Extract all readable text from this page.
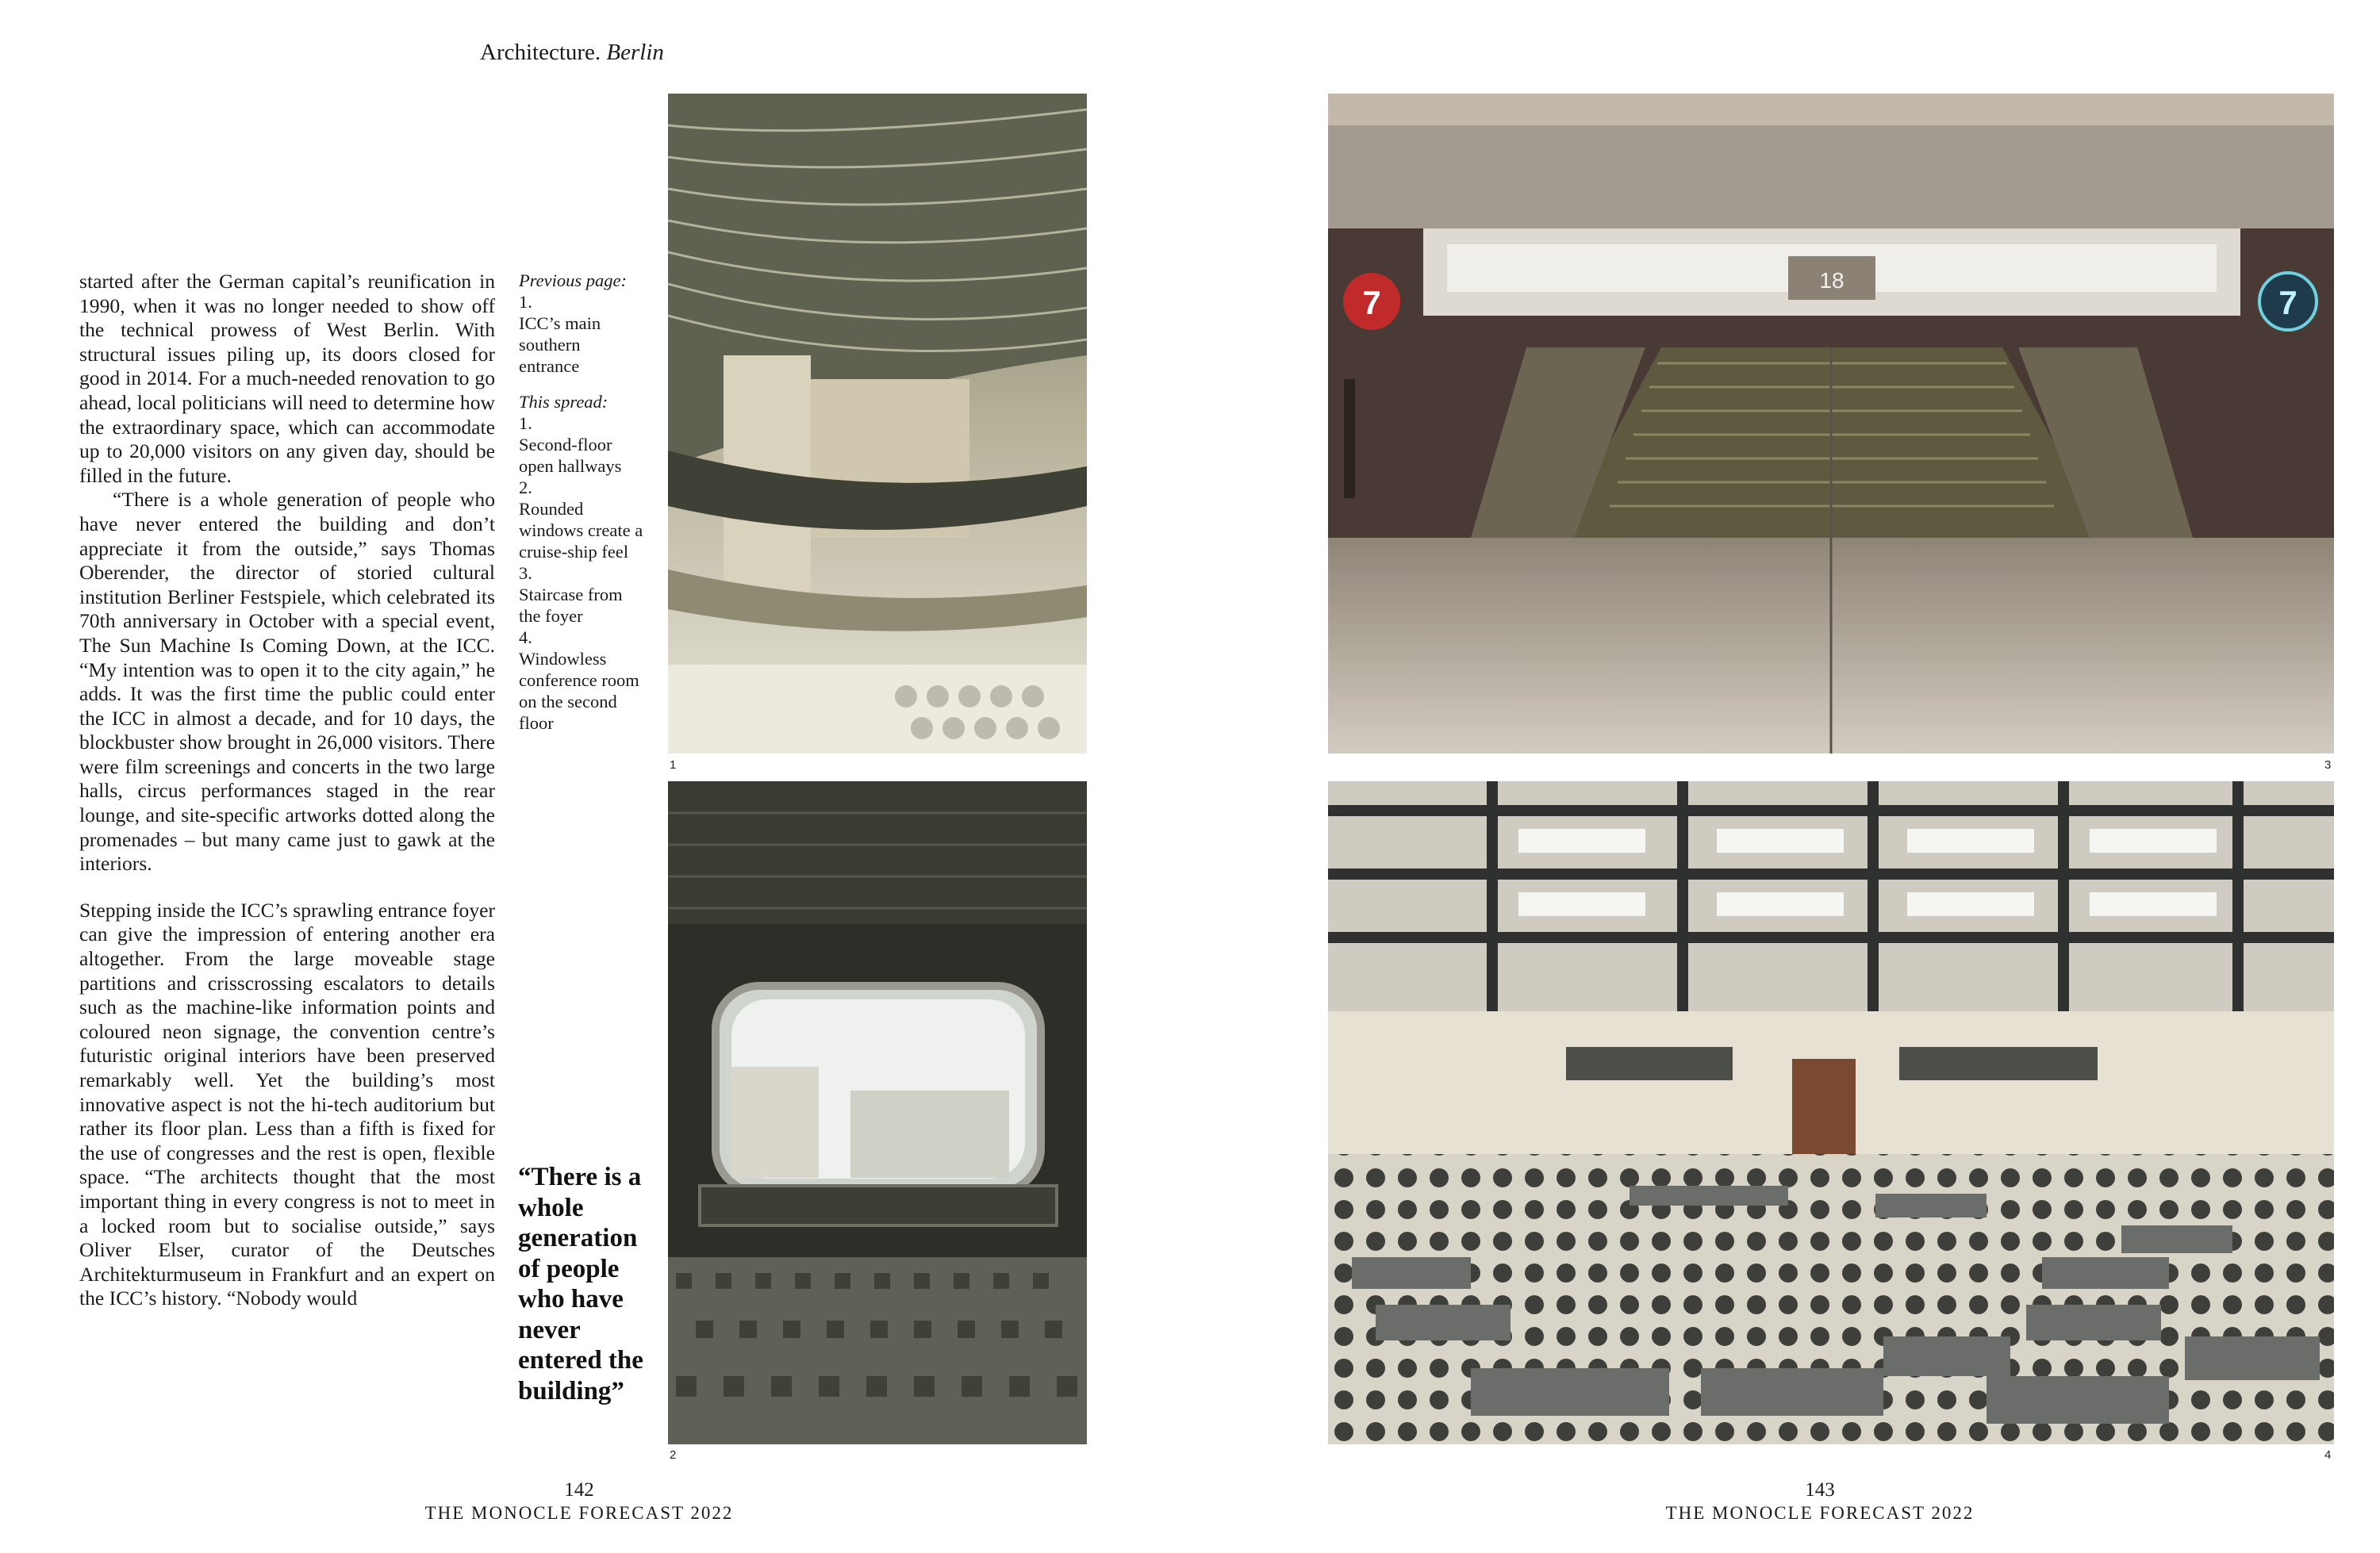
Architecture. Berlin

started after the German capital’s reunification in 1990, when it was no longer needed to show off the technical prowess of West Berlin. With structural issues piling up, its doors closed for good in 2014. For a much-needed renovation to go ahead, local politicians will need to determine how the extraordinary space, which can accommodate up to 20,000 visitors on any given day, should be filled in the future.

“There is a whole generation of people who have never entered the building and don’t appreciate it from the outside,” says Thomas Oberender, the director of storied cultural institution Berliner Festspiele, which celebrated its 70th anniversary in October with a special event, The Sun Machine Is Coming Down, at the ICC. “My intention was to open it to the city again,” he adds. It was the first time the public could enter the ICC in almost a decade, and for 10 days, the blockbuster show brought in 26,000 visitors. There were film screenings and concerts in the two large halls, circus performances staged in the rear lounge, and site-specific artworks dotted along the promenades – but many came just to gawk at the interiors.

Stepping inside the ICC’s sprawling entrance foyer can give the impression of entering another era altogether. From the large moveable stage partitions and crisscrossing escalators to details such as the machine-like information points and coloured neon signage, the convention centre’s futuristic original interiors have been preserved remarkably well. Yet the building’s most innovative aspect is not the hi-tech auditorium but rather its floor plan. Less than a fifth is fixed for the use of congresses and the rest is open, flexible space. “The architects thought that the most important thing in every congress is not to meet in a locked room but to socialise outside,” says Oliver Elser, curator of the Deutsches Architekturmuseum in Frankfurt and an expert on the ICC’s history. “Nobody would

Previous page:
1.
ICC’s main southern entrance
This spread:
1.
Second-floor open hallways
2.
Rounded windows create a cruise-ship feel
3.
Staircase from the foyer
4.
Windowless conference room on the second floor
“There is a whole generation of people who have never entered the building”
1
2
18
7	7
3
4
142
THE MONOCLE FORECAST 2022
143
THE MONOCLE FORECAST 2022
